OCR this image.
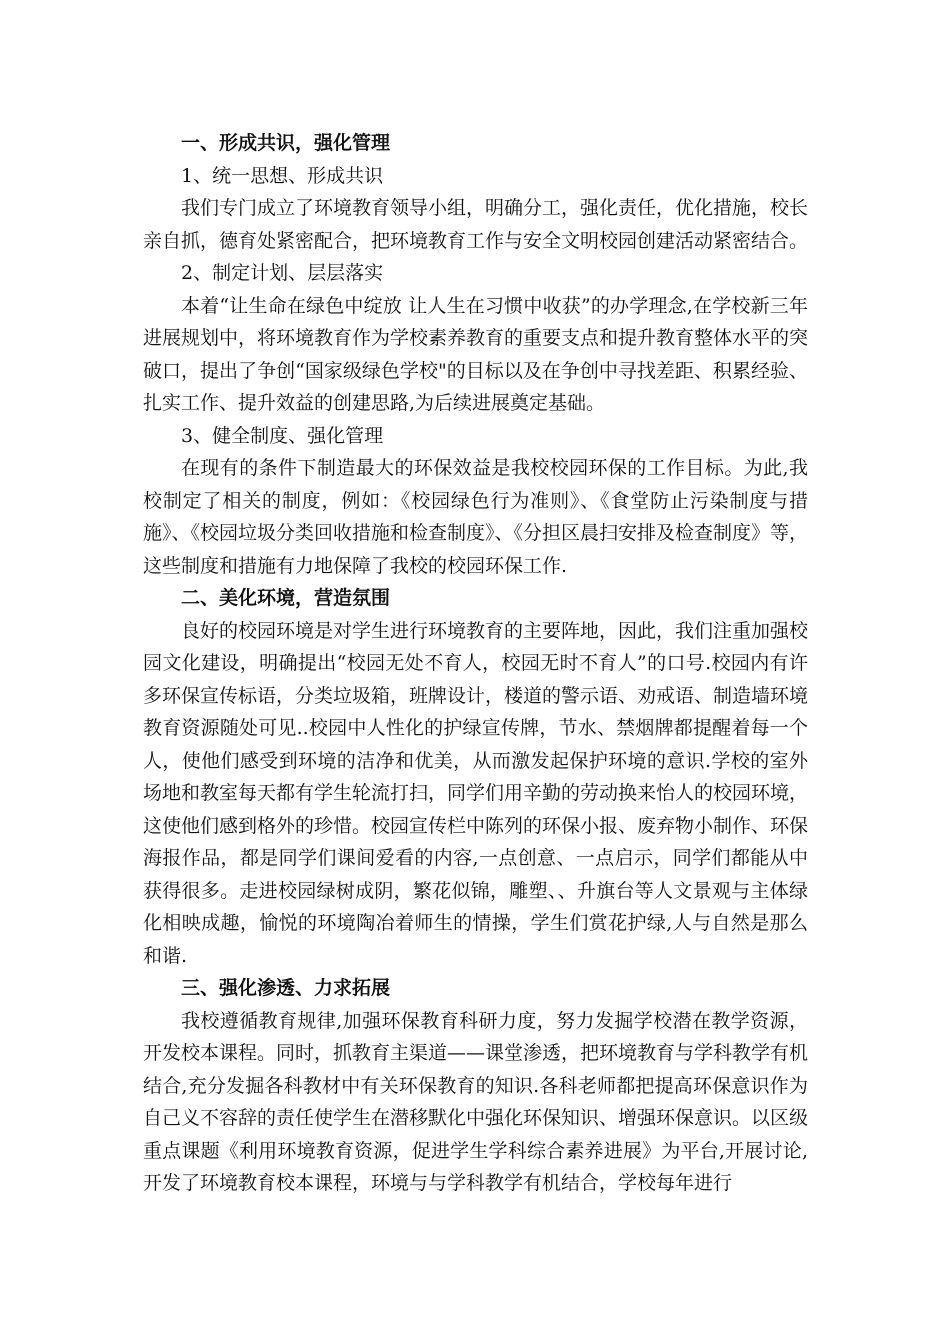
一、形成共识，强化管理

1、统一思想、形成共识

我们专门成立了环境教育领导小组，明确分工，强化责任，优化措施，校长亲自抓，德育处紧密配合，把环境教育工作与安全文明校园创建活动紧密结合。

2、制定计划、层层落实

本着“让生命在绿色中绽放 让人生在习惯中收获”的办学理念,在学校新三年进展规划中，将环境教育作为学校素养教育的重要支点和提升教育整体水平的突破口，提出了争创“国家级绿色学校"的目标以及在争创中寻找差距、积累经验、扎实工作、提升效益的创建思路,为后续进展奠定基础。

3、健全制度、强化管理

在现有的条件下制造最大的环保效益是我校校园环保的工作目标。为此,我校制定了相关的制度，例如：《校园绿色行为准则》、《食堂防止污染制度与措施》、《校园垃圾分类回收措施和检查制度》、《分担区晨扫安排及检查制度》等，这些制度和措施有力地保障了我校的校园环保工作.

二、美化环境，营造氛围

良好的校园环境是对学生进行环境教育的主要阵地，因此，我们注重加强校园文化建设，明确提出“校园无处不育人，校园无时不育人”的口号.校园内有许多环保宣传标语，分类垃圾箱，班牌设计，楼道的警示语、劝戒语、制造墙环境教育资源随处可见..校园中人性化的护绿宣传牌，节水、禁烟牌都提醒着每一个人，使他们感受到环境的洁净和优美，从而激发起保护环境的意识.学校的室外场地和教室每天都有学生轮流打扫，同学们用辛勤的劳动换来怡人的校园环境，这使他们感到格外的珍惜。校园宣传栏中陈列的环保小报、废弃物小制作、环保海报作品，都是同学们课间爱看的内容,一点创意、一点启示，同学们都能从中获得很多。走进校园绿树成阴，繁花似锦，雕塑、、升旗台等人文景观与主体绿化相映成趣，愉悦的环境陶冶着师生的情操，学生们赏花护绿,人与自然是那么和谐.

三、强化渗透、力求拓展

我校遵循教育规律,加强环保教育科研力度，努力发掘学校潜在教学资源，开发校本课程。同时，抓教育主渠道——课堂渗透，把环境教育与学科教学有机结合,充分发掘各科教材中有关环保教育的知识.各科老师都把提高环保意识作为自己义不容辞的责任使学生在潜移默化中强化环保知识、增强环保意识。以区级重点课题《利用环境教育资源，促进学生学科综合素养进展》为平台,开展讨论,开发了环境教育校本课程，环境与与学科教学有机结合，学校每年进行
